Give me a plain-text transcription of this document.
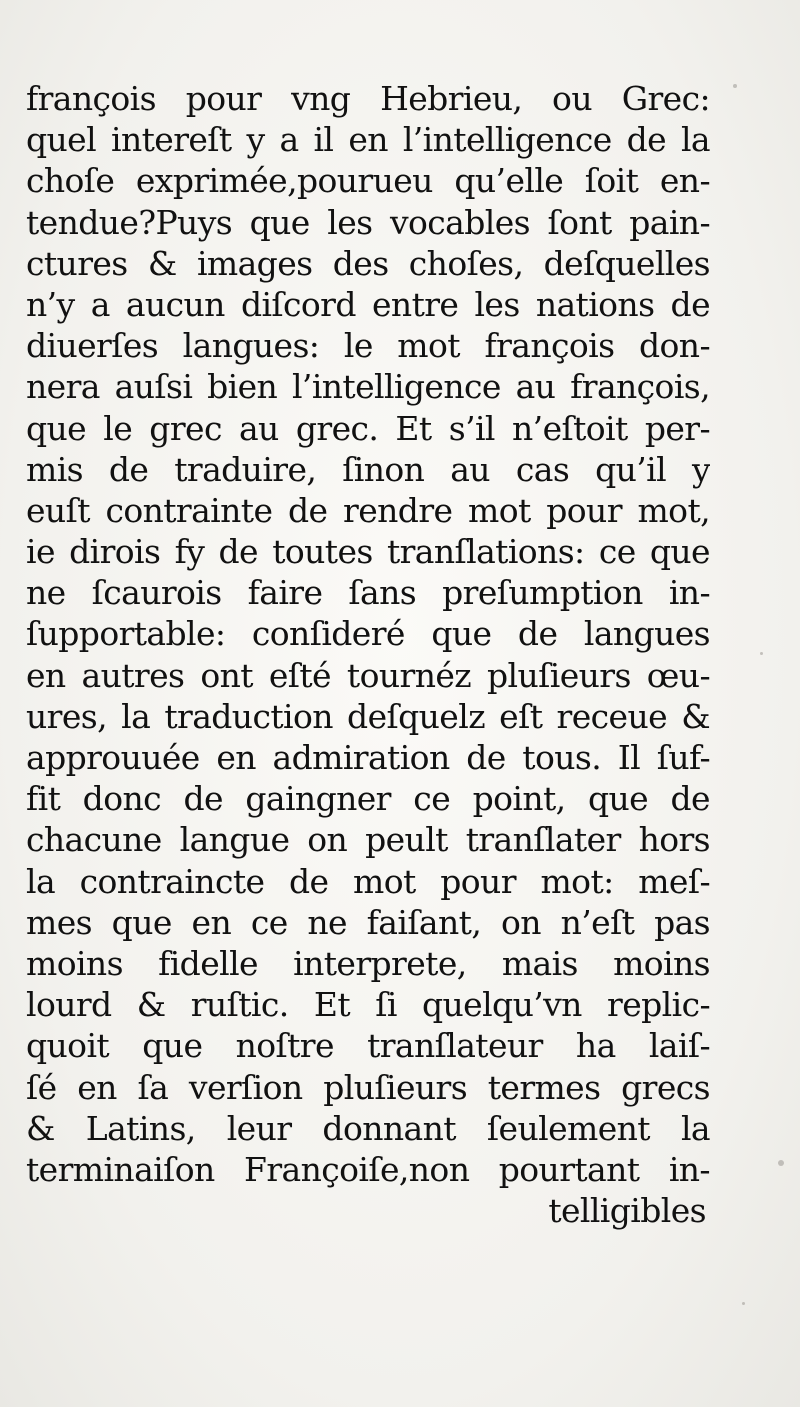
françois pour vng Hebrieu, ou Grec:
quel intereſt y a il en l’intelligence de la
choſe exprimée,pourueu qu’elle ſoit en-
tendue?Puys que les vocables ſont pain-
ctures & images des choſes, deſquelles
n’y a aucun diſcord entre les nations de
diuerſes langues: le mot françois don-
nera auſsi bien l’intelligence au françois,
que le grec au grec. Et s’il n’eſtoit per-
mis de traduire, ſinon au cas qu’il y
euſt contrainte de rendre mot pour mot,
ie dirois fy de toutes tranſlations: ce que
ne ſcaurois faire ſans preſumption in-
ſupportable: conſideré que de langues
en autres ont eſté tournéz pluſieurs œu-
ures, la traduction deſquelz eſt receue &
approuuée en admiration de tous. Il ſuf-
fit donc de gaingner ce point, que de
chacune langue on peult tranſlater hors
la contraincte de mot pour mot: meſ-
mes que en ce ne faiſant, on n’eſt pas
moins fidelle interprete, mais moins
lourd & ruſtic. Et ſi quelqu’vn replic-
quoit que noſtre tranſlateur ha laiſ-
ſé en ſa verſion pluſieurs termes grecs
& Latins, leur donnant ſeulement la
terminaiſon Françoiſe,non pourtant in-
telligibles
